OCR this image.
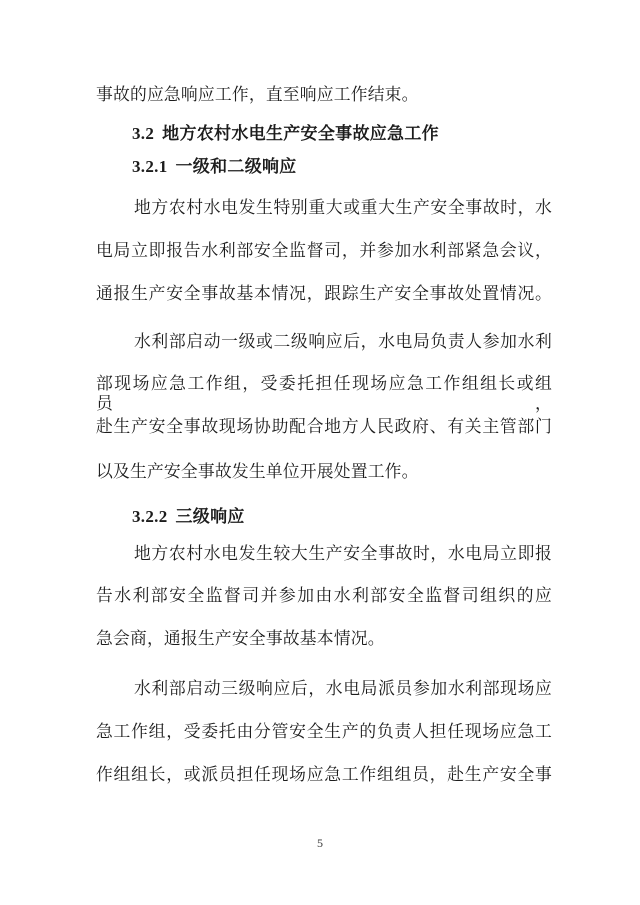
事故的应急响应工作，直至响应工作结束。
3.2 地方农村水电生产安全事故应急工作
3.2.1 一级和二级响应
地方农村水电发生特别重大或重大生产安全事故时，水
电局立即报告水利部安全监督司，并参加水利部紧急会议，
通报生产安全事故基本情况，跟踪生产安全事故处置情况。
水利部启动一级或二级响应后，水电局负责人参加水利
部现场应急工作组，受委托担任现场应急工作组组长或组员，
赴生产安全事故现场协助配合地方人民政府、有关主管部门
以及生产安全事故发生单位开展处置工作。
3.2.2 三级响应
地方农村水电发生较大生产安全事故时，水电局立即报
告水利部安全监督司并参加由水利部安全监督司组织的应
急会商，通报生产安全事故基本情况。
水利部启动三级响应后，水电局派员参加水利部现场应
急工作组，受委托由分管安全生产的负责人担任现场应急工
作组组长，或派员担任现场应急工作组组员，赴生产安全事
5
